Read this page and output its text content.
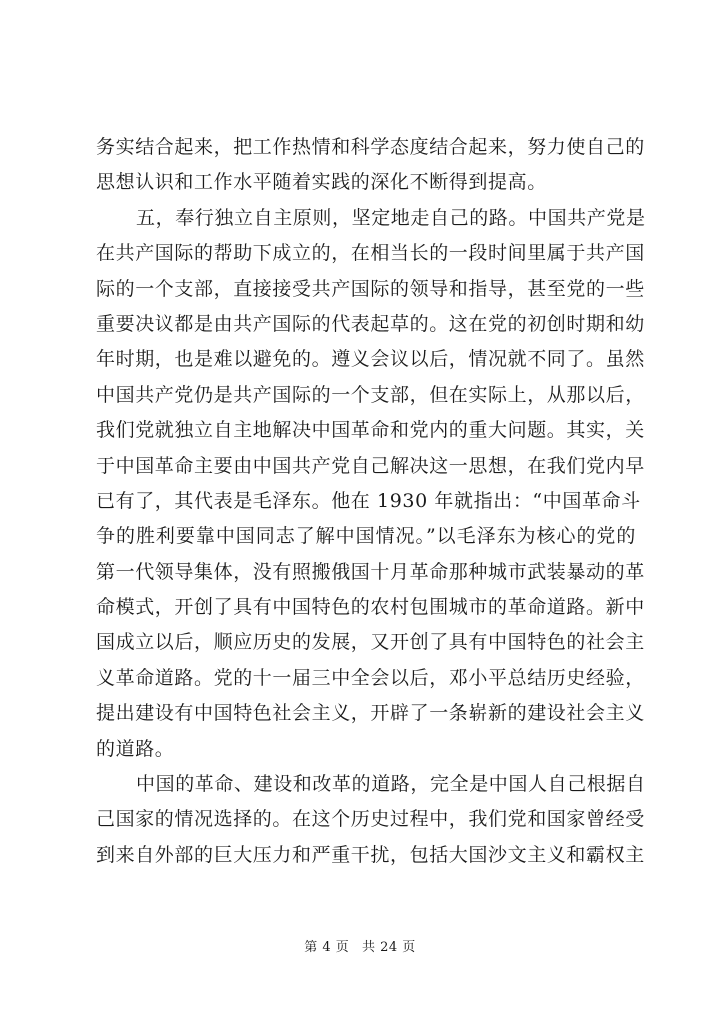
务实结合起来，把工作热情和科学态度结合起来，努力使自己的
思想认识和工作水平随着实践的深化不断得到提高。
五，奉行独立自主原则，坚定地走自己的路。中国共产党是
在共产国际的帮助下成立的，在相当长的一段时间里属于共产国
际的一个支部，直接接受共产国际的领导和指导，甚至党的一些
重要决议都是由共产国际的代表起草的。这在党的初创时期和幼
年时期，也是难以避免的。遵义会议以后，情况就不同了。虽然
中国共产党仍是共产国际的一个支部，但在实际上，从那以后，
我们党就独立自主地解决中国革命和党内的重大问题。其实，关
于中国革命主要由中国共产党自己解决这一思想，在我们党内早
已有了，其代表是毛泽东。他在 1930 年就指出：“中国革命斗
争的胜利要靠中国同志了解中国情况。”以毛泽东为核心的党的
第一代领导集体，没有照搬俄国十月革命那种城市武装暴动的革
命模式，开创了具有中国特色的农村包围城市的革命道路。新中
国成立以后，顺应历史的发展，又开创了具有中国特色的社会主
义革命道路。党的十一届三中全会以后，邓小平总结历史经验，
提出建设有中国特色社会主义，开辟了一条崭新的建设社会主义
的道路。
中国的革命、建设和改革的道路，完全是中国人自己根据自
己国家的情况选择的。在这个历史过程中，我们党和国家曾经受
到来自外部的巨大压力和严重干扰，包括大国沙文主义和霸权主
第 4 页 共 24 页
